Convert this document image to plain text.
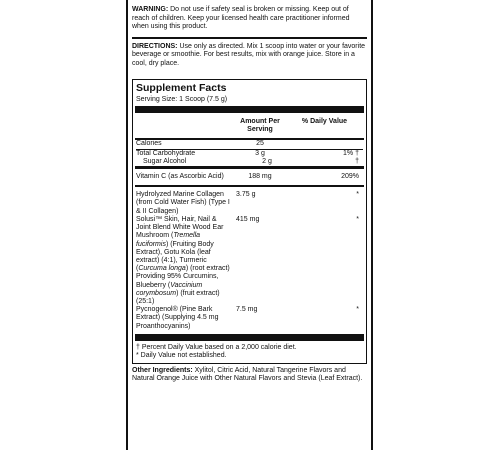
WARNING: Do not use if safety seal is broken or missing. Keep out of reach of children. Keep your licensed health care practitioner informed when using this product.

DIRECTIONS: Use only as directed. Mix 1 scoop into water or your favorite beverage or smoothie. For best results, mix with orange juice. Store in a cool, dry place.

Supplement Facts

Serving Size: 1 Scoop (7.5 g)

Amount Per Serving
% Daily Value
Calories	25
Total Carbohydrate	3 g	1% †
Sugar Alcohol	2 g	†
Vitamin C (as Ascorbic Acid)	188 mg	209%
Hydrolyzed Marine Collagen (from Cold Water Fish) (Type I & II Collagen)
3.75 g	*
Solusi™ Skin, Hair, Nail & Joint Blend White Wood Ear Mushroom (Tremella fuciformis) (Fruiting Body Extract), Gotu Kola (leaf extract) (4:1), Turmeric (Curcuma longa) (root extract) Providing 95% Curcumins, Blueberry (Vaccinium corymbosum) (fruit extract) (25:1)
415 mg	*
Pycnogenol® (Pine Bark Extract) (Supplying 4.5 mg Proanthocyanins)
7.5 mg	*
† Percent Daily Value based on a 2,000 calorie diet.
* Daily Value not established.

Other Ingredients: Xylitol, Citric Acid, Natural Tangerine Flavors and Natural Orange Juice with Other Natural Flavors and Stevia (Leaf Extract).
